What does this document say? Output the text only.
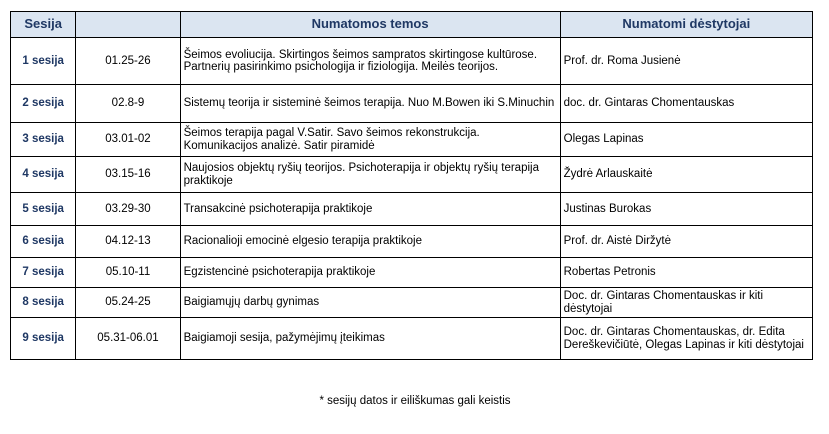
Sesija		Numatomos temos	Numatomi dėstytojai
1 sesija	01.25-26	Šeimos evoliucija. Skirtingos šeimos sampratos skirtingose kultūrose. Partnerių pasirinkimo psichologija ir fiziologija. Meilės teorijos.	Prof. dr. Roma Jusienė
2 sesija	02.8-9	Sistemų teorija ir sisteminė šeimos terapija. Nuo M.Bowen iki S.Minuchin	doc. dr. Gintaras Chomentauskas
3 sesija	03.01-02	Šeimos terapija pagal V.Satir. Savo šeimos rekonstrukcija. Komunikacijos analizė. Satir piramidė	Olegas Lapinas
4 sesija	03.15-16	Naujosios objektų ryšių teorijos. Psichoterapija ir objektų ryšių terapija praktikoje	Žydrė Arlauskaitė
5 sesija	03.29-30	Transakcinė psichoterapija praktikoje	Justinas Burokas
6 sesija	04.12-13	Racionalioji emocinė elgesio terapija praktikoje	Prof. dr. Aistė Diržytė
7 sesija	05.10-11	Egzistencinė psichoterapija praktikoje	Robertas Petronis
8 sesija	05.24-25	Baigiamųjų darbų gynimas	Doc. dr. Gintaras Chomentauskas ir kiti dėstytojai
9 sesija	05.31-06.01	Baigiamoji sesija, pažymėjimų įteikimas	Doc. dr. Gintaras Chomentauskas, dr. Edita Dereškevičiūtė, Olegas Lapinas ir kiti dėstytojai
* sesijų datos ir eiliškumas gali keistis
